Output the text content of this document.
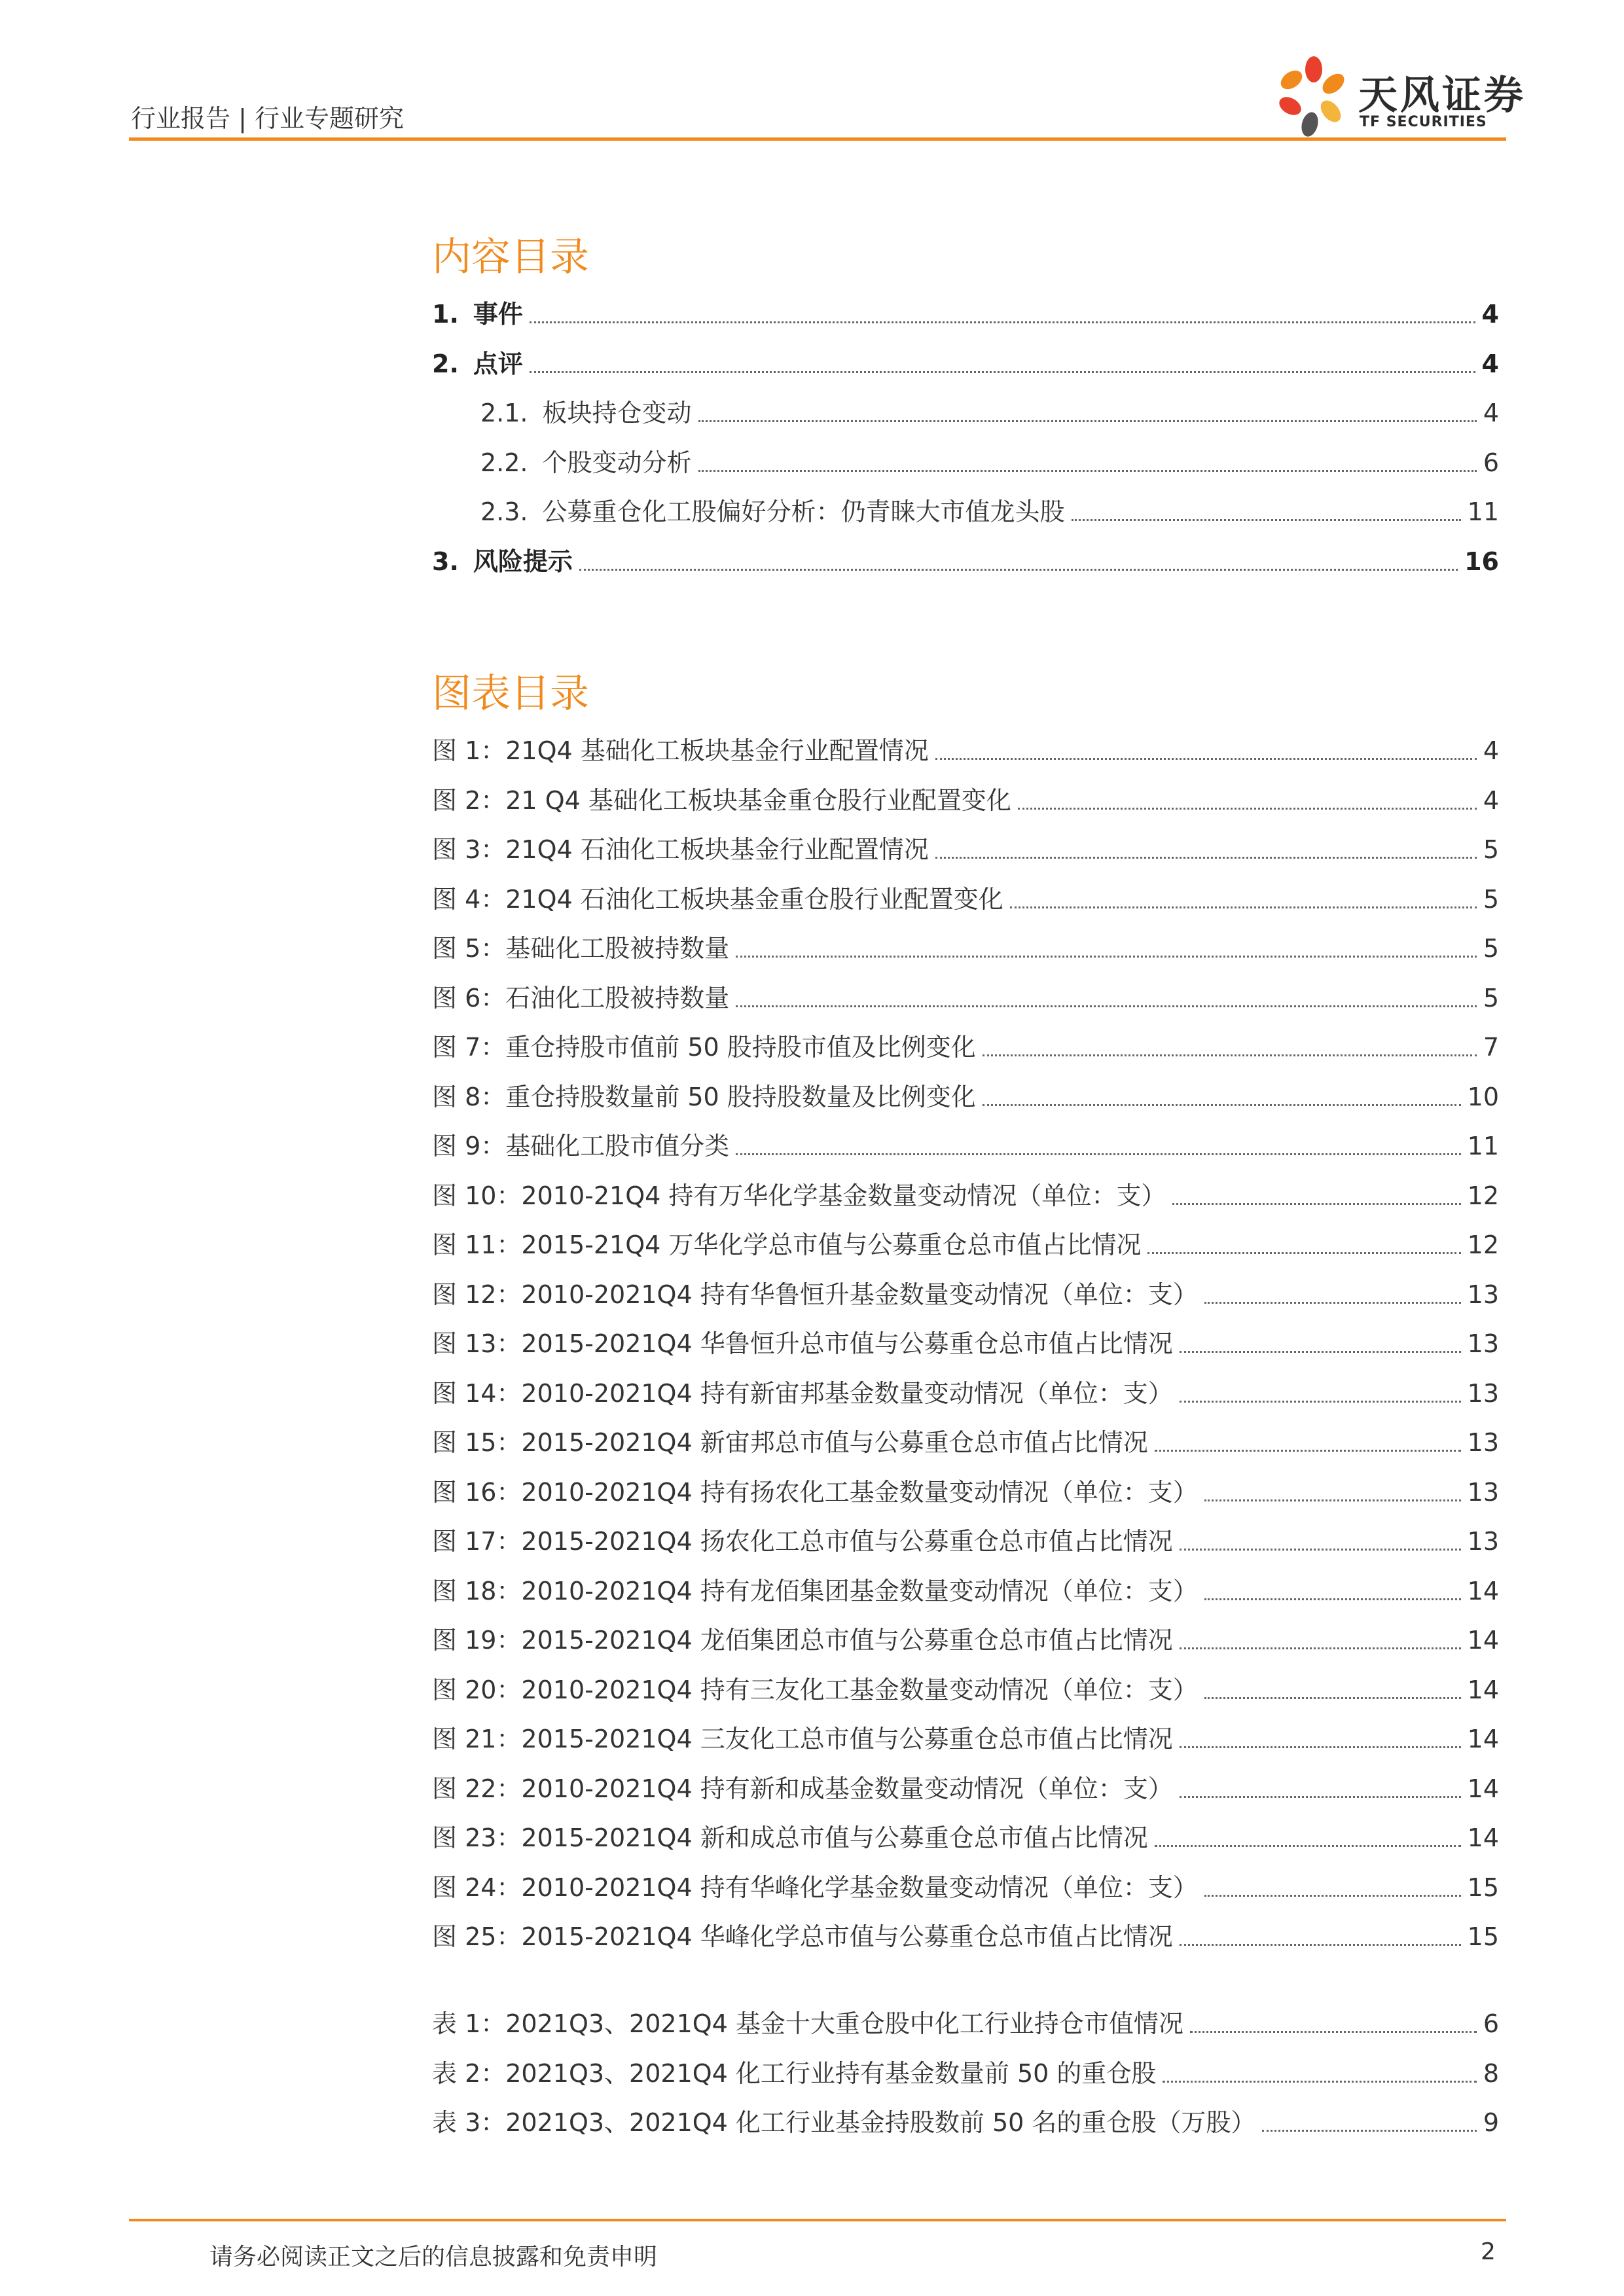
行业报告 | 行业专题研究	天风证券
TF SECURITIES
内容目录
1. 事件	4
2. 点评	4
2.1. 板块持仓变动	4
2.2. 个股变动分析	6
2.3. 公募重仓化工股偏好分析：仍青睐大市值龙头股	11
3. 风险提示	16
图表目录
图 1：21Q4 基础化工板块基金行业配置情况	4
图 2：21 Q4 基础化工板块基金重仓股行业配置变化	4
图 3：21Q4 石油化工板块基金行业配置情况	5
图 4：21Q4 石油化工板块基金重仓股行业配置变化	5
图 5：基础化工股被持数量	5
图 6：石油化工股被持数量	5
图 7：重仓持股市值前 50 股持股市值及比例变化	7
图 8：重仓持股数量前 50 股持股数量及比例变化	10
图 9：基础化工股市值分类	11
图 10：2010-21Q4 持有万华化学基金数量变动情况（单位：支）	12
图 11：2015-21Q4 万华化学总市值与公募重仓总市值占比情况	12
图 12：2010-2021Q4 持有华鲁恒升基金数量变动情况（单位：支）	13
图 13：2015-2021Q4 华鲁恒升总市值与公募重仓总市值占比情况	13
图 14：2010-2021Q4 持有新宙邦基金数量变动情况（单位：支）	13
图 15：2015-2021Q4 新宙邦总市值与公募重仓总市值占比情况	13
图 16：2010-2021Q4 持有扬农化工基金数量变动情况（单位：支）	13
图 17：2015-2021Q4 扬农化工总市值与公募重仓总市值占比情况	13
图 18：2010-2021Q4 持有龙佰集团基金数量变动情况（单位：支）	14
图 19：2015-2021Q4 龙佰集团总市值与公募重仓总市值占比情况	14
图 20：2010-2021Q4 持有三友化工基金数量变动情况（单位：支）	14
图 21：2015-2021Q4 三友化工总市值与公募重仓总市值占比情况	14
图 22：2010-2021Q4 持有新和成基金数量变动情况（单位：支）	14
图 23：2015-2021Q4 新和成总市值与公募重仓总市值占比情况	14
图 24：2010-2021Q4 持有华峰化学基金数量变动情况（单位：支）	15
图 25：2015-2021Q4 华峰化学总市值与公募重仓总市值占比情况	15
表 1：2021Q3、2021Q4 基金十大重仓股中化工行业持仓市值情况	6
表 2：2021Q3、2021Q4 化工行业持有基金数量前 50 的重仓股	8
表 3：2021Q3、2021Q4 化工行业基金持股数前 50 名的重仓股（万股）	9
请务必阅读正文之后的信息披露和免责申明	2
